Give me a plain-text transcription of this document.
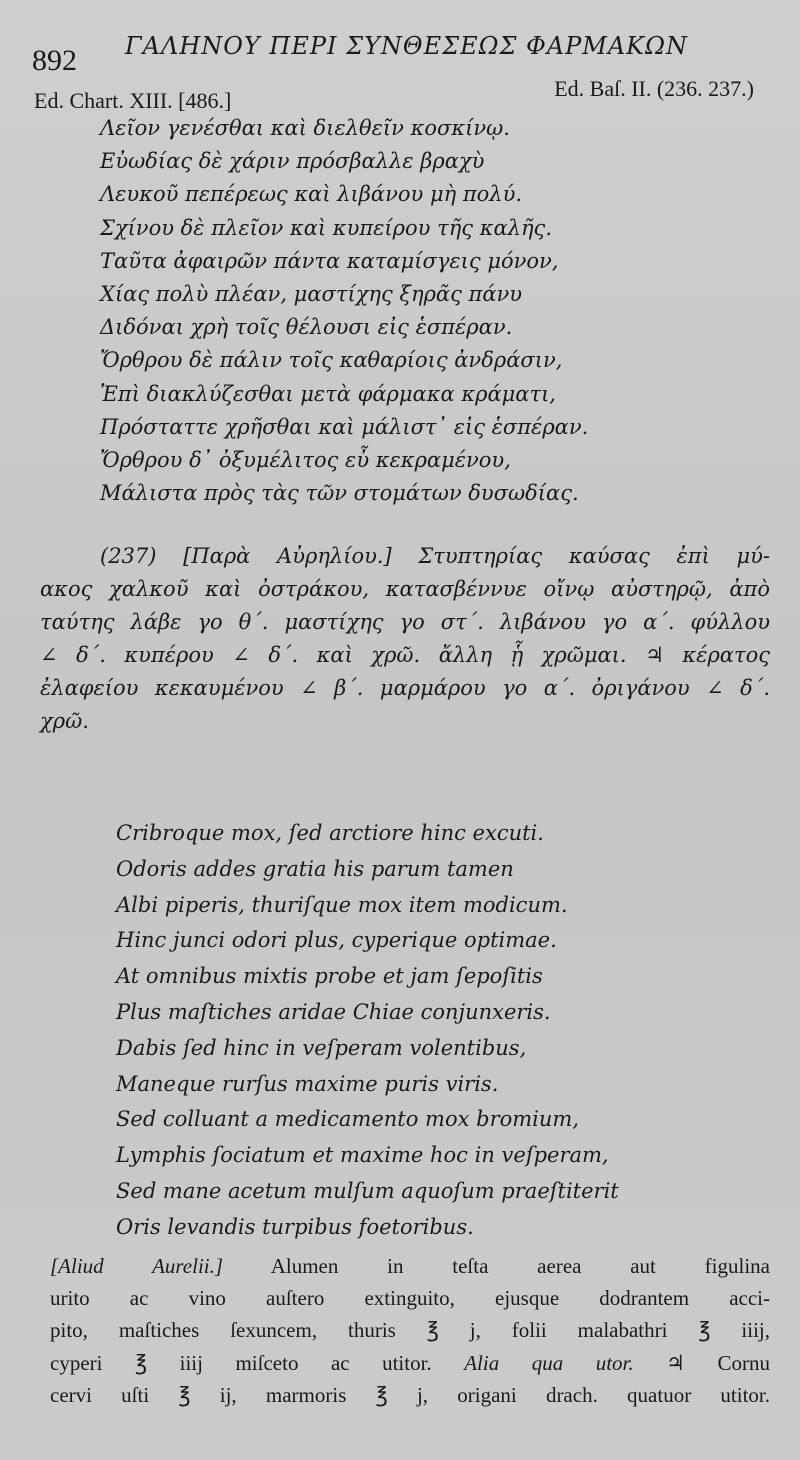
892 ΓΑΛΗΝΟΥ ΠΕΡΙ ΣΥΝΘΕΣΕΩΣ ΦΑΡΜΑΚΩΝ
Ed. Chart. XIII. [486.]	Ed. Baſ. II. (236. 237.)
Λεῖον γενέσθαι καὶ διελθεῖν κοσκίνῳ.
Εὐωδίας δὲ χάριν πρόσβαλλε βραχὺ
Λευκοῦ πεπέρεως καὶ λιβάνου μὴ πολύ.
Σχίνου δὲ πλεῖον καὶ κυπείρου τῆς καλῆς.
Ταῦτα ἀφαιρῶν πάντα καταμίσγεις μόνον,
Χίας πολὺ πλέαν, μαστίχης ξηρᾶς πάνυ
Διδόναι χρὴ τοῖς θέλουσι εἰς ἑσπέραν.
Ὄρθρου δὲ πάλιν τοῖς καθαρίοις ἀνδράσιν,
Ἐπὶ διακλύζεσθαι μετὰ φάρμακα κράματι,
Πρόσταττε χρῆσθαι καὶ μάλιστ᾽ εἰς ἑσπέραν.
Ὄρθρου δ᾽ ὀξυμέλιτος εὖ κεκραμένου,
Μάλιστα πρὸς τὰς τῶν στομάτων δυσωδίας.
(237) [Παρὰ Αὐρηλίου.] Στυπτηρίας καύσας ἐπὶ μύ-
ακος χαλκοῦ καὶ ὀστράκου, κατασβέννυε οἴνῳ αὐστηρῷ, ἀπὸ
ταύτης λάβε γο θ΄. μαστίχης γο στ΄. λιβάνου γο α΄. φύλλου
∠ δ΄. κυπέρου ∠ δ΄. καὶ χρῶ. ἄλλη ᾗ χρῶμαι. ♃ κέρατος
ἐλαφείου κεκαυμένου ∠ β΄. μαρμάρου γο α΄. ὀριγάνου ∠ δ΄.
χρῶ.
Cribroque mox, ſed arctiore hinc excuti.
Odoris addes gratia his parum tamen
Albi piperis, thuriſque mox item modicum.
Hinc junci odori plus, cyperique optimae.
At omnibus mixtis probe et jam ſepoſitis
Plus maſtiches aridae Chiae conjunxeris.
Dabis ſed hinc in veſperam volentibus,
Maneque rurſus maxime puris viris.
Sed colluant a medicamento mox bromium,
Lymphis ſociatum et maxime hoc in veſperam,
Sed mane acetum mulſum aquoſum praeſtiterit
Oris levandis turpibus foetoribus.
[Aliud Aurelii.] Alumen in teſta aerea aut figulina
urito ac vino auſtero extinguito, ejusque dodrantem acci-
pito, maſtiches ſexuncem, thuris ℥ j, folii malabathri ℥ iiij,
cyperi ℥ iiij miſceto ac utitor. Alia qua utor. ♃ Cornu
cervi uſti ℥ ij, marmoris ℥ j, origani drach. quatuor utitor.
